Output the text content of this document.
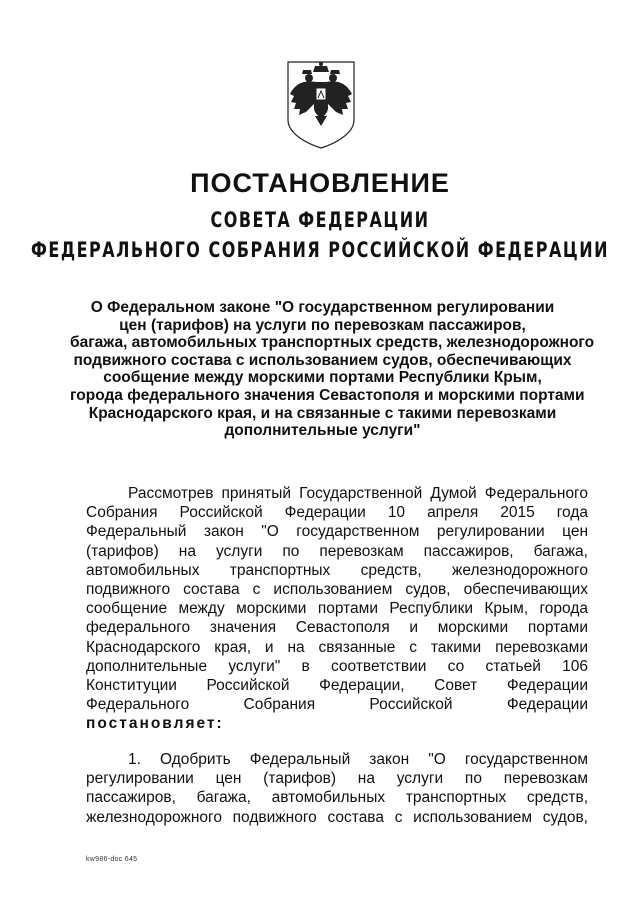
ПОСТАНОВЛЕНИЕ
СОВЕТА ФЕДЕРАЦИИ
ФЕДЕРАЛЬНОГО СОБРАНИЯ РОССИЙСКОЙ ФЕДЕРАЦИИ
О Федеральном законе "О государственном регулировании
цен (тарифов) на услуги по перевозкам пассажиров,
багажа, автомобильных транспортных средств, железнодорожного
подвижного состава с использованием судов, обеспечивающих
сообщение между морскими портами Республики Крым,
города федерального значения Севастополя и морскими портами
Краснодарского края, и на связанные с такими перевозками
дополнительные услуги"
Рассмотрев принятый Государственной Думой Федерального
Собрания Российской Федерации 10 апреля 2015 года
Федеральный закон "О государственном регулировании цен
(тарифов) на услуги по перевозкам пассажиров, багажа,
автомобильных транспортных средств, железнодорожного
подвижного состава с использованием судов, обеспечивающих
сообщение между морскими портами Республики Крым, города
федерального значения Севастополя и морскими портами
Краснодарского края, и на связанные с такими перевозками
дополнительные услуги" в соответствии со статьей 106
Конституции Российской Федерации, Совет Федерации
Федерального Собрания Российской Федерации
постановляет:
1. Одобрить Федеральный закон "О государственном
регулировании цен (тарифов) на услуги по перевозкам
пассажиров, багажа, автомобильных транспортных средств,
железнодорожного подвижного состава с использованием судов,
kw986-doc 645
